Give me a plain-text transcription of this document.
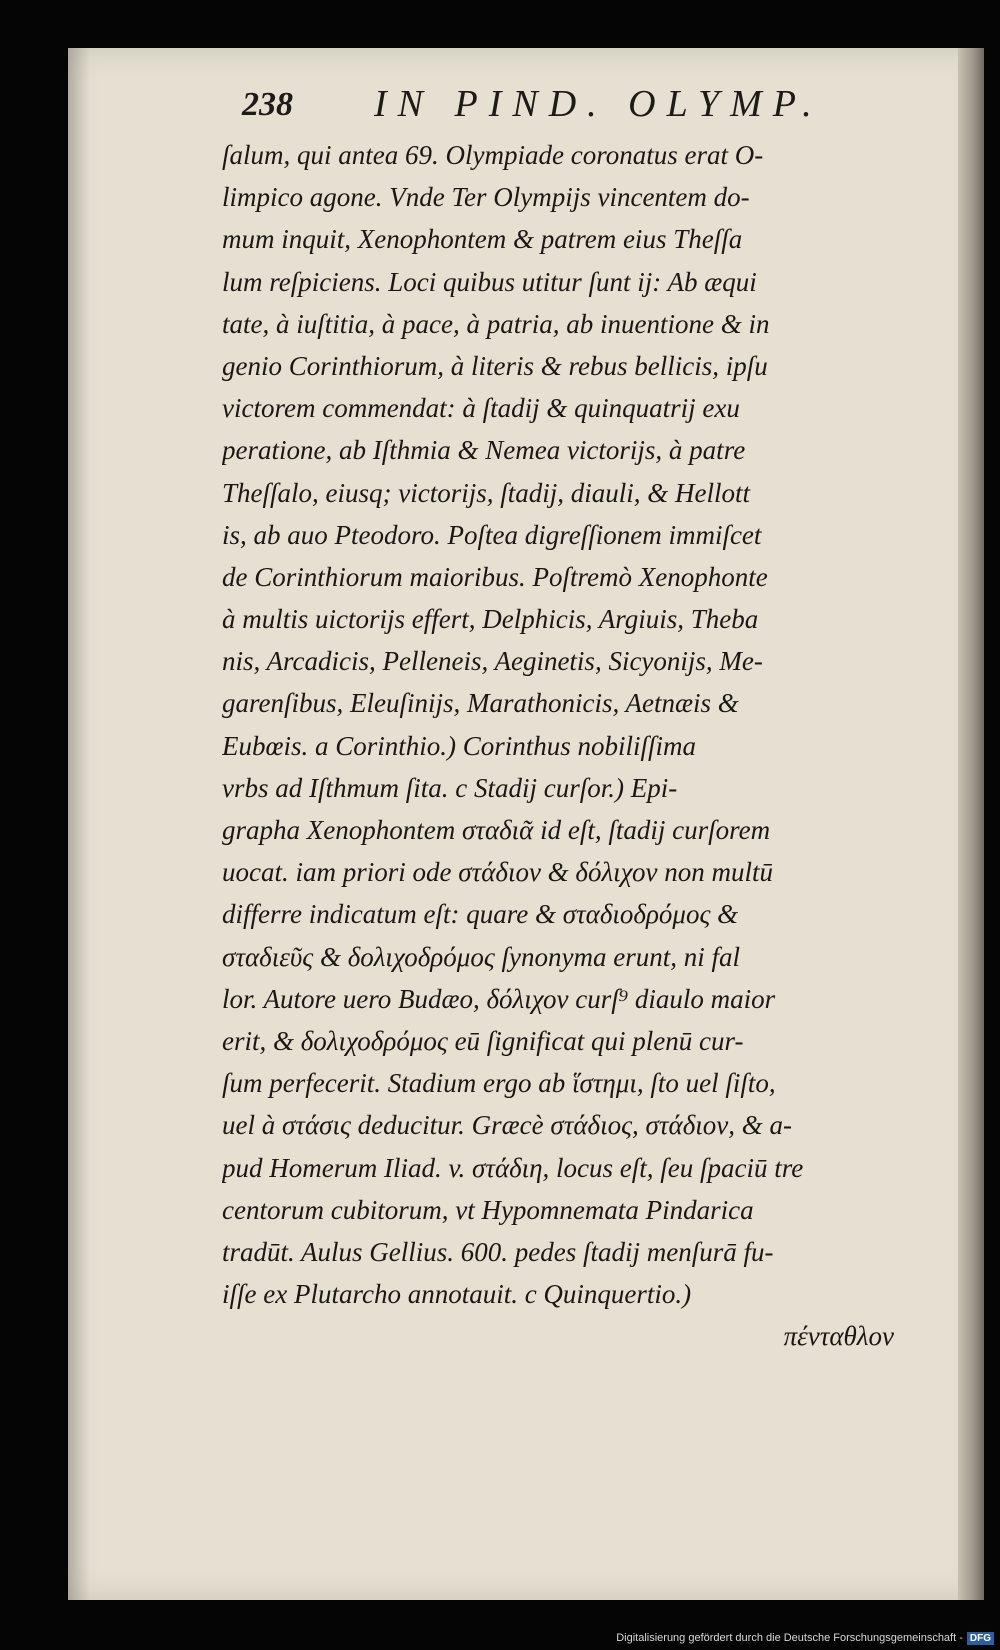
238 IN PIND. OLYMP.
ſalum, qui antea 69. Olympiade coronatus erat O-
limpico agone. Vnde Ter Olympijs vincentem do-
mum inquit, Xenophontem & patrem eius Theſſa
lum reſpiciens. Loci quibus utitur ſunt ij: Ab æqui
tate, à iuſtitia, à pace, à patria, ab inuentione & in
genio Corinthiorum, à literis & rebus bellicis, ipſu
victorem commendat: à ſtadij & quinquatrij exu
peratione, ab Iſthmia & Nemea victorijs, à patre
Theſſalo, eiusq; victorijs, ſtadij, diauli, & Hellott
is, ab auo Pteodoro. Poſtea digreſſionem immiſcet
de Corinthiorum maioribus. Poſtremò Xenophonte
à multis uictorijs effert, Delphicis, Argiuis, Theba
nis, Arcadicis, Pelleneis, Aeginetis, Sicyonijs, Me-
garenſibus, Eleuſinijs, Marathonicis, Aetnæis &
Eubœis. a Corinthio.) Corinthus nobiliſſima
vrbs ad Iſthmum ſita. c Stadij curſor.) Epi-
grapha Xenophontem σταδιᾶ id eſt, ſtadij curſorem
uocat. iam priori ode στάδιον & δόλιχον non multū
differre indicatum eſt: quare & σταδιοδρόμος &
σταδιεῦς & δολιχοδρόμος ſynonyma erunt, ni fal
lor. Autore uero Budæo, δόλιχον curſ⁹ diaulo maior
erit, & δολιχοδρόμος eū ſignificat qui plenū cur-
ſum perfecerit. Stadium ergo ab ἵστημι, ſto uel ſiſto,
uel à στάσις deducitur. Græcè στάδιος, στάδιον, & a-
pud Homerum Iliad. v. στάδιη, locus eſt, ſeu ſpaciū tre
centorum cubitorum, vt Hypomnemata Pindarica
tradūt. Aulus Gellius. 600. pedes ſtadij menſurā fu-
iſſe ex Plutarcho annotauit. c Quinquertio.)
πένταθλον
Digitalisierung gefördert durch die Deutsche Forschungsgemeinschaft - DFG
